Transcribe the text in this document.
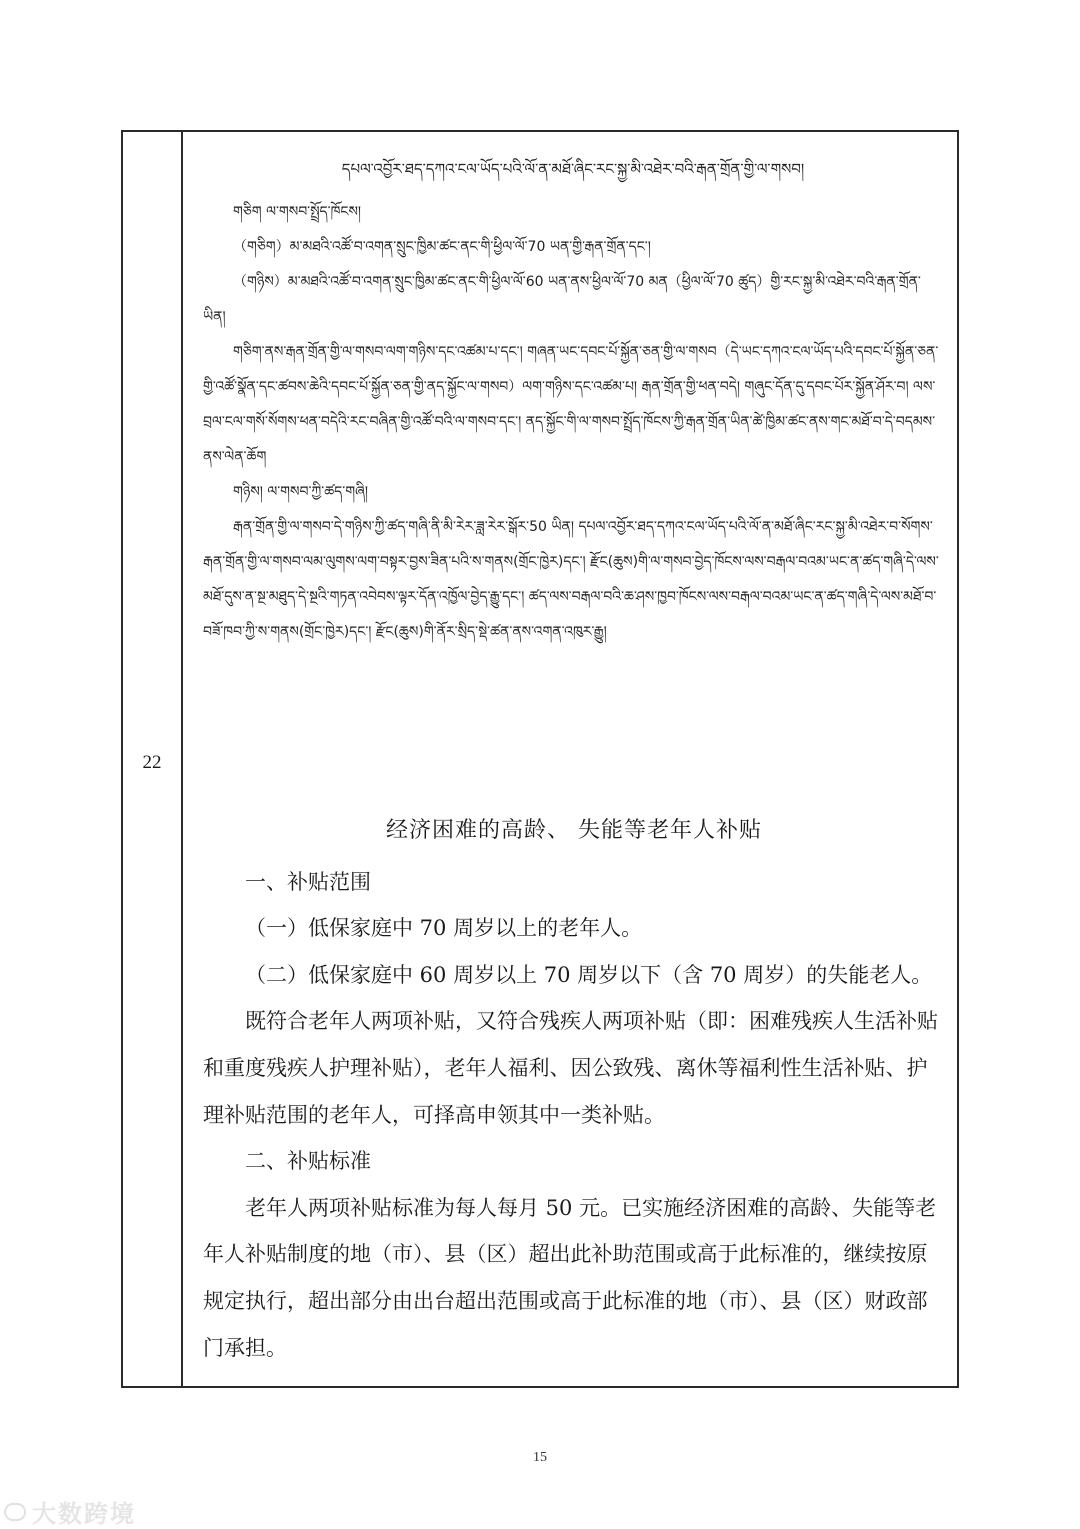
22
དཔལ་འབྱོར་ཐད་དཀའ་ངལ་ཡོད་པའི་ལོ་ན་མཐོ་ཞིང་རང་སྐྱ་མི་འཐེར་བའི་རྒན་གྲོན་གྱི་ལ་གསབ།

གཅིག ལ་གསབ་སྤྲོད་ཁོངས།

（གཅིག）མ་མཐའི་འཚོ་བ་འགན་སྲུང་ཁྱིམ་ཚང་ནང་གི་ཕྱིལ་ལོ་70 ཡན་གྱི་རྒན་གྲོན་དང་།

（གཉིས）མ་མཐའི་འཚོ་བ་འགན་སྲུང་ཁྱིམ་ཚང་ནང་གི་ཕྱིལ་ལོ་60 ཡན་ནས་ཕྱིལ་ལོ་70 མན（ཕྱིལ་ལོ་70 ཚུད）གྱི་རང་སྐྱ་མི་འཐེར་བའི་རྒན་གྲོན་ཡིན།

གཅིག་ནས་རྒན་གྲོན་གྱི་ལ་གསབ་ལག་གཉིས་དང་འཚམ་པ་དང་། གཞན་ཡང་དབང་པོ་སྐྱོན་ཅན་གྱི་ལ་གསབ（དེ་ཡང་དཀའ་ངལ་ཡོད་པའི་དབང་པོ་སྐྱོན་ཅན་གྱི་འཚོ་སྣོན་དང་ཚབས་ཆེའི་དབང་པོ་སྐྱོན་ཅན་གྱི་ནད་སྐྱོང་ལ་གསབ）ལག་གཉིས་དང་འཚམ་པ། རྒན་གྲོན་གྱི་ཕན་བདེ། གཞུང་དོན་དུ་དབང་པོར་སྐྱོན་ཤོར་བ། ལས་བྲལ་ངལ་གསོ་སོགས་ཕན་བདེའི་རང་བཞིན་གྱི་འཚོ་བའི་ལ་གསབ་དང་། ནད་སྐྱོང་གི་ལ་གསབ་སྤྲོད་ཁོངས་ཀྱི་རྒན་གྲོན་ཡིན་ཚེ་ཁྱིམ་ཚང་ནས་གང་མཐོ་བ་དེ་བདམས་ནས་ལེན་ཆོག

གཉིས། ལ་གསབ་ཀྱི་ཚད་གཞི།

རྒན་གྲོན་གྱི་ལ་གསབ་དེ་གཉིས་ཀྱི་ཚད་གཞི་ནི་མི་རེར་ཟླ་རེར་སྒོར་50 ཡིན། དཔལ་འབྱོར་ཐད་དཀའ་ངལ་ཡོད་པའི་ལོ་ན་མཐོ་ཞིང་རང་སྐྱ་མི་འཐེར་བ་སོགས་རྒན་གྲོན་གྱི་ལ་གསབ་ལམ་ལུགས་ལག་བསྟར་བྱས་ཟིན་པའི་ས་གནས(གྲོང་ཁྱེར)དང་། རྫོང(ཆུས)གི་ལ་གསབ་བྱེད་ཁོངས་ལས་བརྒལ་བའམ་ཡང་ན་ཚད་གཞི་དེ་ལས་མཐོ་དུས་ན་སྔ་མཐུད་དེ་སྔའི་གཏན་འབེབས་ལྟར་དོན་འཁྱོལ་བྱེད་རྒྱུ་དང་། ཚད་ལས་བརྒལ་བའི་ཆ་ཤས་ཁྱབ་ཁོངས་ལས་བརྒལ་བའམ་ཡང་ན་ཚད་གཞི་དེ་ལས་མཐོ་བ་བཟོ་ཁབ་ཀྱི་ས་གནས(གྲོང་ཁྱེར)དང་། རྫོང(ཆུས)གི་ནོར་སྲིད་སྡེ་ཚན་ནས་འགན་འཁུར་རྒྱུ།

经济困难的高龄、 失能等老年人补贴

一、补贴范围

（一）低保家庭中 70 周岁以上的老年人。

（二）低保家庭中 60 周岁以上 70 周岁以下（含 70 周岁）的失能老人。

既符合老年人两项补贴，又符合残疾人两项补贴（即：困难残疾人生活补贴和重度残疾人护理补贴），老年人福利、因公致残、离休等福利性生活补贴、护理补贴范围的老年人，可择高申领其中一类补贴。

二、补贴标准

老年人两项补贴标准为每人每月 50 元。已实施经济困难的高龄、失能等老年人补贴制度的地（市）、县（区）超出此补助范围或高于此标准的，继续按原规定执行，超出部分由出台超出范围或高于此标准的地（市）、县（区）财政部门承担。

15
大数跨境
